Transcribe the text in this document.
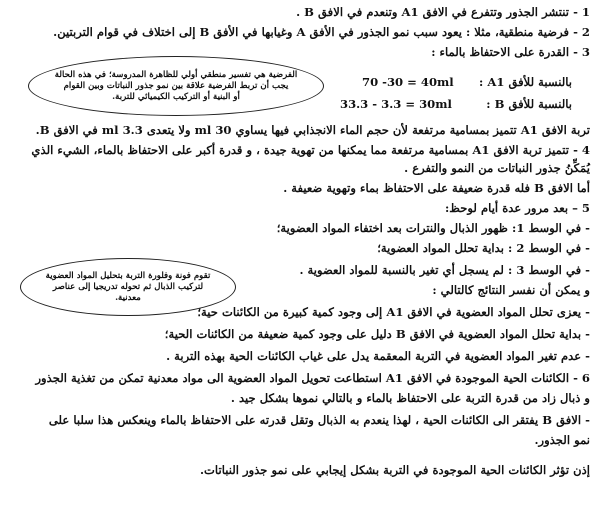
1 - تنتشر الجذور وتتفرع في الافق A1 وتنعدم في الافق B .
2 - فرضية منطقية، مثلا : يعود سبب نمو الجذور في الأفق A وغيابها في الأفق B إلى اختلاف في قوام التربتين.
3 - القدرة على الاحتفاظ بالماء :
بالنسبة للأفق A1 :
70 -30 = 40ml
بالنسبة للأفق B :
33.3 - 3.3 = 30ml
تربة الافق A1 تتميز بمسامية مرتفعة لأن حجم الماء الانجذابي فيها يساوي 30 ml ولا يتعدى 3.3 ml في الافق B.
4 - تتميز تربة الافق A1 بمسامية مرتفعة مما يمكنها من تهوية جيدة ، و قدرة أكبر على الاحتفاظ بالماء، الشيء الذي
يُمَكِّنُ جذور النباتات من النمو والتفرع .
أما الافق B فله قدرة ضعيفة على الاحتفاظ بماء وتهوية ضعيفة .
5 – بعد مرور عدة أيام لوحظ:
- في الوسط 1: ظهور الذبال والنترات بعد اختفاء المواد العضوية؛
- في الوسط 2 : بداية تحلل المواد العضوية؛
- في الوسط 3 : لم يسجل أي تغير بالنسبة للمواد العضوية .
و يمكن أن نفسر النتائج كالتالي :
- يعزى تحلل المواد العضوية في الافق A1 إلى وجود كمية كبيرة من الكائنات حية؛
- بداية تحلل المواد العضوية في الافق B دليل على وجود كمية ضعيفة من الكائنات الحية؛
- عدم تغير المواد العضوية في التربة المعقمة يدل على غياب الكائنات الحية بهذه التربة .
6 - الكائنات الحية الموجودة في الافق A1 استطاعت تحويل المواد العضوية الى مواد معدنية تمكن من تغذية الجذور
و ذبال زاد من قدرة التربة على الاحتفاظ بالماء و بالتالي نموها بشكل جيد .
- الافق B يفتقر الى الكائنات الحية ، لهذا ينعدم به الذبال وتقل قدرته على الاحتفاظ بالماء وينعكس هذا سلبا على
نمو الجذور.
إذن تؤثر الكائنات الحية الموجودة في التربة بشكل إيجابي على نمو جذور النباتات.
الفرضية هي تفسير منطقي أولي للظاهرة المدروسة؛ في هذه الحالة
يجب أن تربط الفرضية علاقة بين نمو جذور النباتات وبين القوام
أو البنية أو التركيب الكيميائي للتربة.
تقوم فونة وفلورة التربة بتحليل المواد العضوية
لتركيب الذبال ثم تحوله تدريجيا إلى عناصر
معدنية.
